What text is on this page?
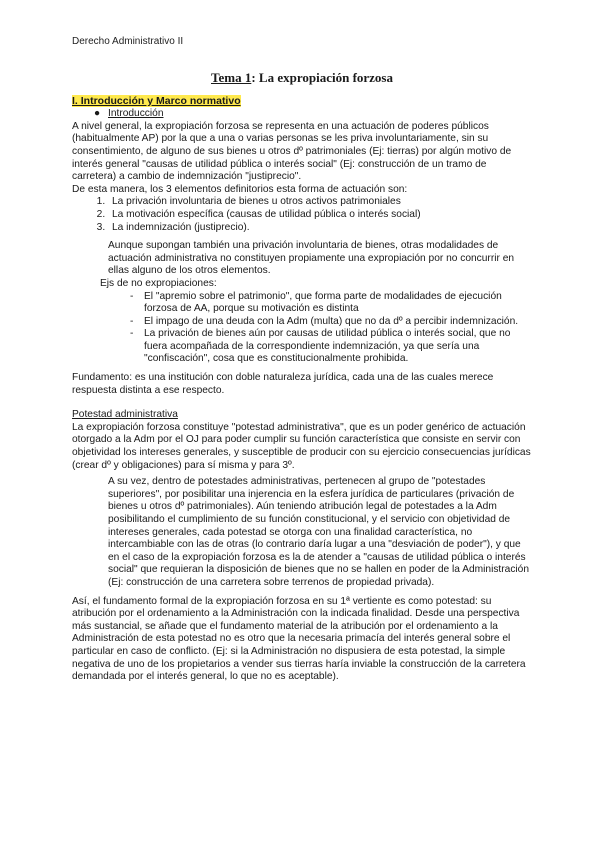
Derecho Administrativo II
Tema 1: La expropiación forzosa
I. Introducción y Marco normativo
● Introducción

A nivel general, la expropiación forzosa se representa en una actuación de poderes públicos (habitualmente AP) por la que a una o varias personas se les priva involuntariamente, sin su consentimiento, de alguno de sus bienes u otros dº patrimoniales (Ej: tierras) por algún motivo de interés general "causas de utilidad pública o interés social" (Ej: construcción de un tramo de carretera) a cambio de indemnización "justiprecio".

De esta manera, los 3 elementos definitorios esta forma de actuación son:

1. La privación involuntaria de bienes u otros activos patrimoniales
2. La motivación específica (causas de utilidad pública o interés social)
3. La indemnización (justiprecio).

Aunque supongan también una privación involuntaria de bienes, otras modalidades de actuación administrativa no constituyen propiamente una expropiación por no concurrir en ellas alguno de los otros elementos.

Ejs de no expropiaciones:

- El "apremio sobre el patrimonio", que forma parte de modalidades de ejecución forzosa de AA, porque su motivación es distinta
- El impago de una deuda con la Adm (multa) que no da dº a percibir indemnización.
- La privación de bienes aún por causas de utilidad pública o interés social, que no fuera acompañada de la correspondiente indemnización, ya que sería una "confiscación", cosa que es constitucionalmente prohibida.

Fundamento: es una institución con doble naturaleza jurídica, cada una de las cuales merece respuesta distinta a ese respecto.

Potestad administrativa

La expropiación forzosa constituye "potestad administrativa", que es un poder genérico de actuación otorgado a la Adm por el OJ para poder cumplir su función característica que consiste en servir con objetividad los intereses generales, y susceptible de producir con su ejercicio consecuencias jurídicas (crear dº y obligaciones) para sí misma y para 3º.

A su vez, dentro de potestades administrativas, pertenecen al grupo de "potestades superiores", por posibilitar una injerencia en la esfera jurídica de particulares (privación de bienes u otros dº patrimoniales). Aún teniendo atribución legal de potestades a la Adm posibilitando el cumplimiento de su función constitucional, y el servicio con objetividad de intereses generales, cada potestad se otorga con una finalidad característica, no intercambiable con las de otras (lo contrario daría lugar a una "desviación de poder"), y que en el caso de la expropiación forzosa es la de atender a "causas de utilidad pública o interés social" que requieran la disposición de bienes que no se hallen en poder de la Administración (Ej: construcción de una carretera sobre terrenos de propiedad privada).

Así, el fundamento formal de la expropiación forzosa en su 1ª vertiente es como potestad: su atribución por el ordenamiento a la Administración con la indicada finalidad. Desde una perspectiva más sustancial, se añade que el fundamento material de la atribución por el ordenamiento a la Administración de esta potestad no es otro que la necesaria primacía del interés general sobre el particular en caso de conflicto. (Ej: si la Administración no dispusiera de esta potestad, la simple negativa de uno de los propietarios a vender sus tierras haría inviable la construcción de la carretera demandada por el interés general, lo que no es aceptable).
